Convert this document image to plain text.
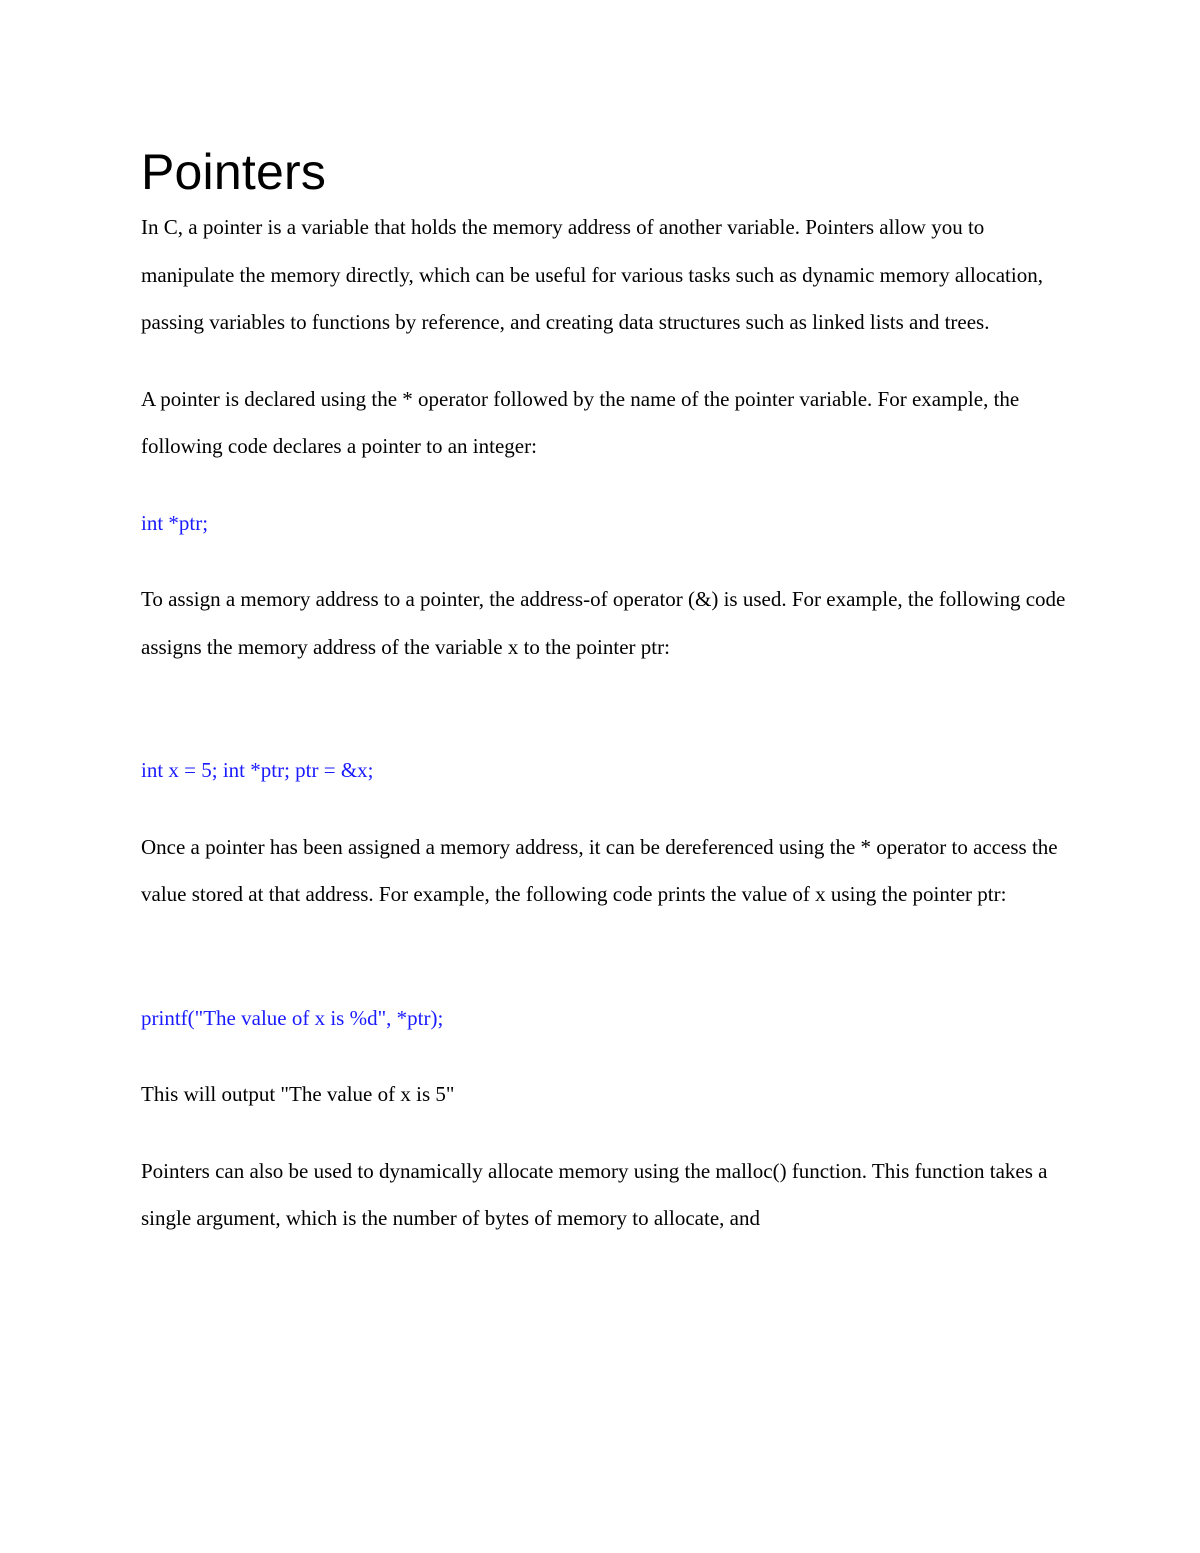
Pointers

In C, a pointer is a variable that holds the memory address of another variable. Pointers allow you to manipulate the memory directly, which can be useful for various tasks such as dynamic memory allocation, passing variables to functions by reference, and creating data structures such as linked lists and trees.

A pointer is declared using the * operator followed by the name of the pointer variable. For example, the following code declares a pointer to an integer:

int *ptr;

To assign a memory address to a pointer, the address-of operator (&) is used. For example, the following code assigns the memory address of the variable x to the pointer ptr:

int x = 5; int *ptr; ptr = &x;

Once a pointer has been assigned a memory address, it can be dereferenced using the * operator to access the value stored at that address. For example, the following code prints the value of x using the pointer ptr:

printf("The value of x is %d", *ptr);

This will output "The value of x is 5"

Pointers can also be used to dynamically allocate memory using the malloc() function. This function takes a single argument, which is the number of bytes of memory to allocate, and
